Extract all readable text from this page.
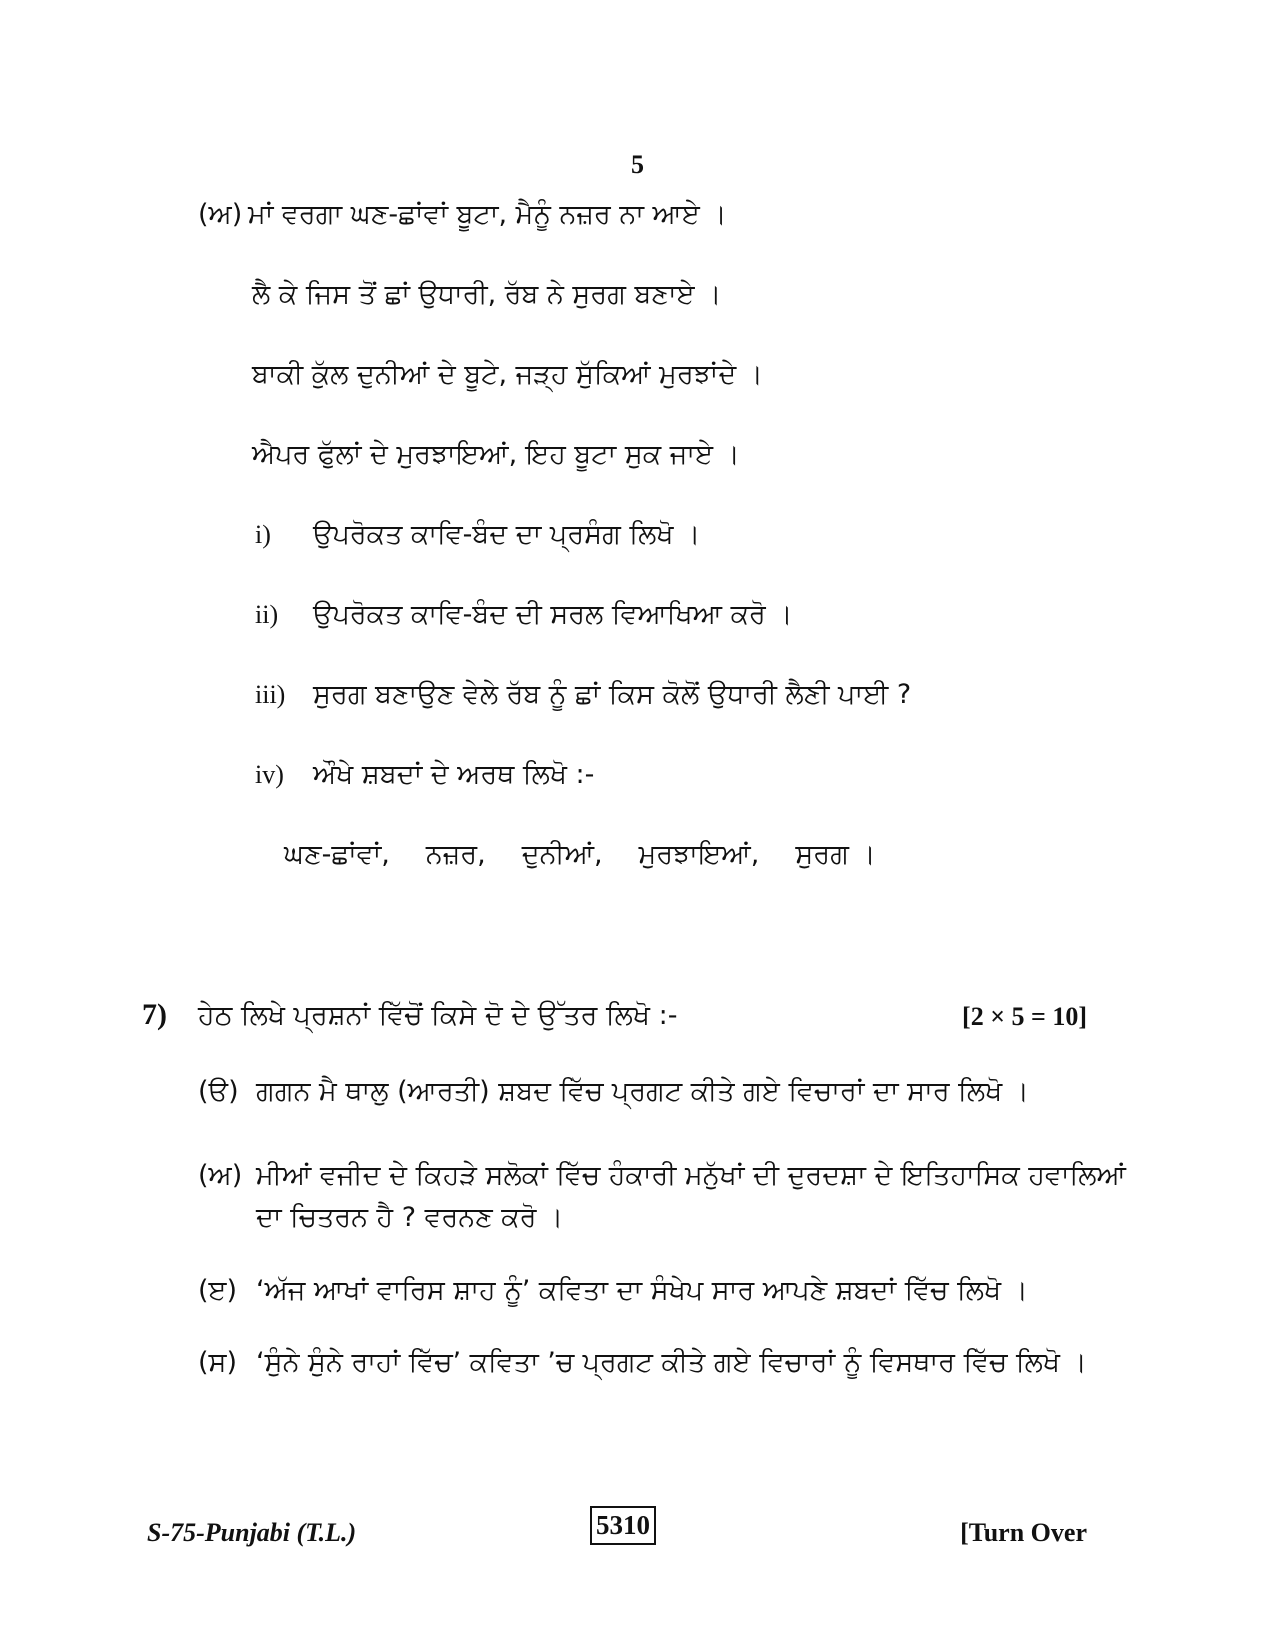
5
(ਅ) ਮਾਂ ਵਰਗਾ ਘਣ-ਛਾਂਵਾਂ ਬੂਟਾ, ਮੈਨੂੰ ਨਜ਼ਰ ਨਾ ਆਏ ।
ਲੈ ਕੇ ਜਿਸ ਤੋਂ ਛਾਂ ਉਧਾਰੀ, ਰੱਬ ਨੇ ਸੁਰਗ ਬਣਾਏ ।
ਬਾਕੀ ਕੁੱਲ ਦੁਨੀਆਂ ਦੇ ਬੂਟੇ, ਜੜ੍ਹ ਸੁੱਕਿਆਂ ਮੁਰਝਾਂਦੇ ।
ਐਪਰ ਫੁੱਲਾਂ ਦੇ ਮੁਰਝਾਇਆਂ, ਇਹ ਬੂਟਾ ਸੁਕ ਜਾਏ ।
i) ਉਪਰੋਕਤ ਕਾਵਿ-ਬੰਦ ਦਾ ਪ੍ਰਸੰਗ ਲਿਖੋ ।
ii) ਉਪਰੋਕਤ ਕਾਵਿ-ਬੰਦ ਦੀ ਸਰਲ ਵਿਆਖਿਆ ਕਰੋ ।
iii) ਸੁਰਗ ਬਣਾਉਣ ਵੇਲੇ ਰੱਬ ਨੂੰ ਛਾਂ ਕਿਸ ਕੋਲੋਂ ਉਧਾਰੀ ਲੈਣੀ ਪਾਈ ?
iv) ਔਖੇ ਸ਼ਬਦਾਂ ਦੇ ਅਰਥ ਲਿਖੋ :-
ਘਣ-ਛਾਂਵਾਂ, ਨਜ਼ਰ, ਦੁਨੀਆਂ, ਮੁਰਝਾਇਆਂ, ਸੁਰਗ ।
7) ਹੇਠ ਲਿਖੇ ਪ੍ਰਸ਼ਨਾਂ ਵਿੱਚੋਂ ਕਿਸੇ ਦੋ ਦੇ ਉੱਤਰ ਲਿਖੋ :-	[2 × 5 = 10]
(ੳ) ਗਗਨ ਮੈ ਥਾਲੁ (ਆਰਤੀ) ਸ਼ਬਦ ਵਿੱਚ ਪ੍ਰਗਟ ਕੀਤੇ ਗਏ ਵਿਚਾਰਾਂ ਦਾ ਸਾਰ ਲਿਖੋ ।
(ਅ) ਮੀਆਂ ਵਜੀਦ ਦੇ ਕਿਹੜੇ ਸਲੋਕਾਂ ਵਿੱਚ ਹੰਕਾਰੀ ਮਨੁੱਖਾਂ ਦੀ ਦੁਰਦਸ਼ਾ ਦੇ ਇਤਿਹਾਸਿਕ ਹਵਾਲਿਆਂ ਦਾ ਚਿਤਰਨ ਹੈ ? ਵਰਨਣ ਕਰੋ ।
(ੲ) ‘ਅੱਜ ਆਖਾਂ ਵਾਰਿਸ ਸ਼ਾਹ ਨੂੰ’ ਕਵਿਤਾ ਦਾ ਸੰਖੇਪ ਸਾਰ ਆਪਣੇ ਸ਼ਬਦਾਂ ਵਿੱਚ ਲਿਖੋ ।
(ਸ) ‘ਸੁੰਨੇ ਸੁੰਨੇ ਰਾਹਾਂ ਵਿੱਚ’ ਕਵਿਤਾ ’ਚ ਪ੍ਰਗਟ ਕੀਤੇ ਗਏ ਵਿਚਾਰਾਂ ਨੂੰ ਵਿਸਥਾਰ ਵਿੱਚ ਲਿਖੋ ।
S-75-Punjabi (T.L.)	5310	[Turn Over
